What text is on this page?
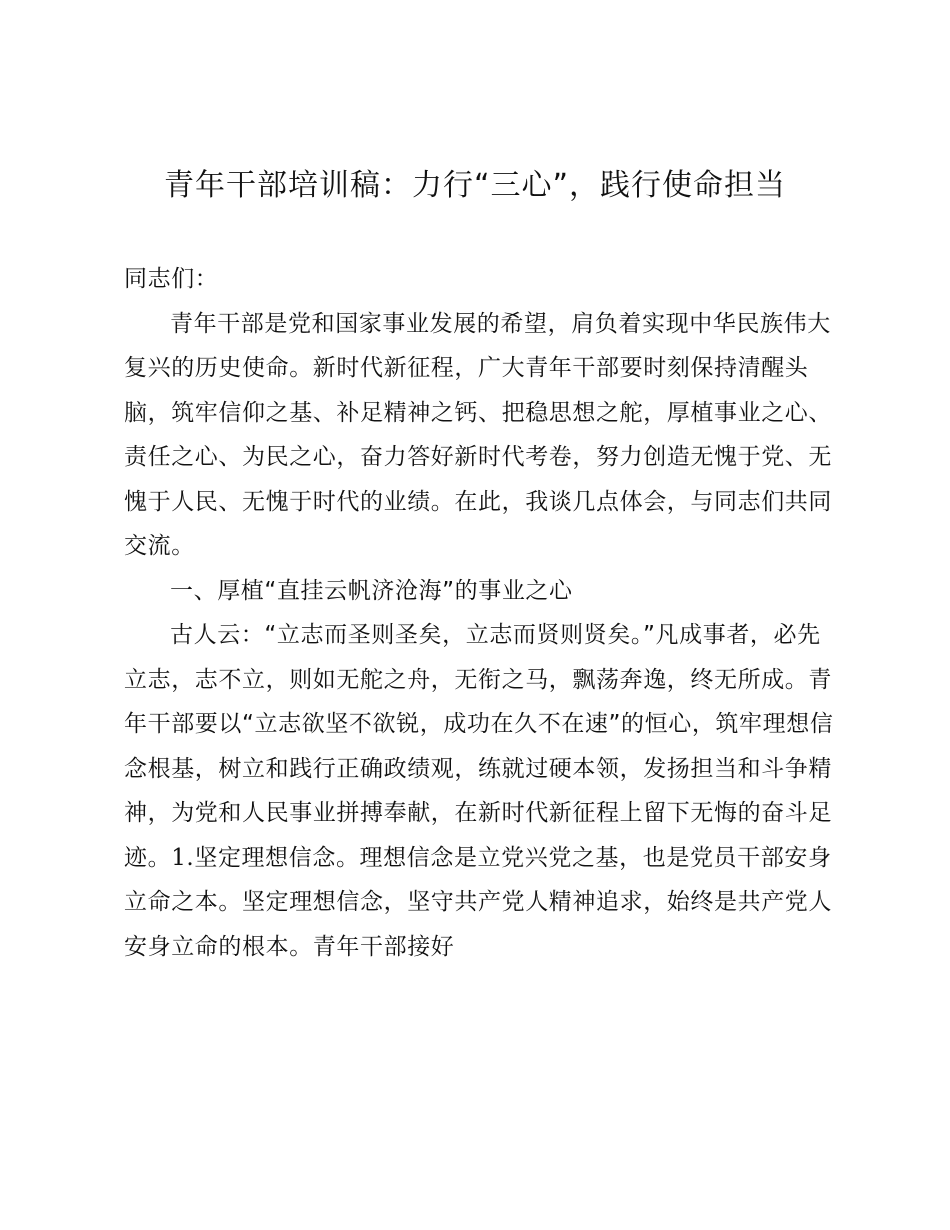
青年干部培训稿：力行“三心”，践行使命担当

同志们：

青年干部是党和国家事业发展的希望，肩负着实现中华民族伟大复兴的历史使命。新时代新征程，广大青年干部要时刻保持清醒头脑，筑牢信仰之基、补足精神之钙、把稳思想之舵，厚植事业之心、责任之心、为民之心，奋力答好新时代考卷，努力创造无愧于党、无愧于人民、无愧于时代的业绩。在此，我谈几点体会，与同志们共同交流。

一、厚植“直挂云帆济沧海”的事业之心

古人云：“立志而圣则圣矣，立志而贤则贤矣。”凡成事者，必先立志，志不立，则如无舵之舟，无衔之马，飘荡奔逸，终无所成。青年干部要以“立志欲坚不欲锐，成功在久不在速”的恒心，筑牢理想信念根基，树立和践行正确政绩观，练就过硬本领，发扬担当和斗争精神，为党和人民事业拼搏奉献，在新时代新征程上留下无悔的奋斗足迹。1.坚定理想信念。理想信念是立党兴党之基，也是党员干部安身立命之本。坚定理想信念，坚守共产党人精神追求，始终是共产党人安身立命的根本。青年干部接好
